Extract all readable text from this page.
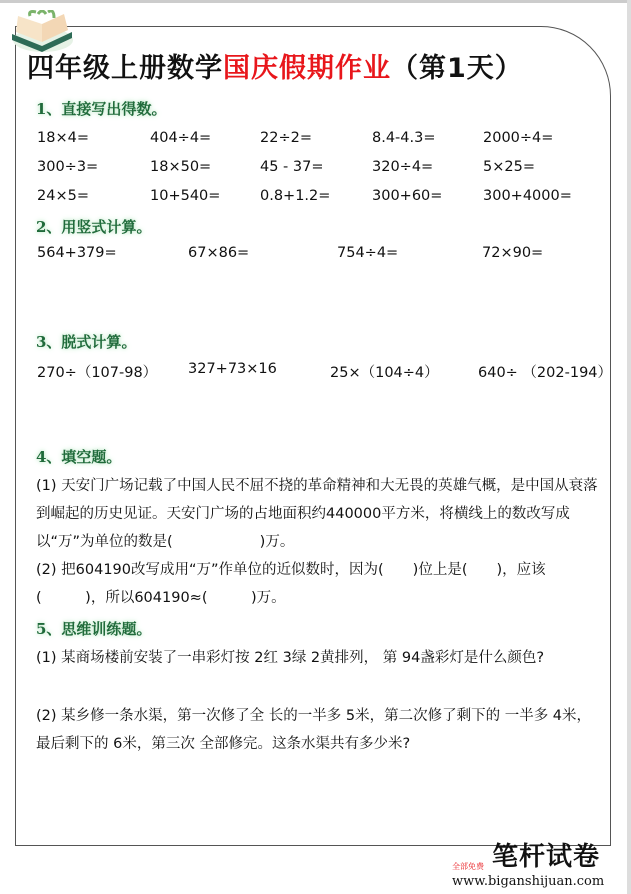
四年级上册数学国庆假期作业（第1天）
1、直接写出得数。
18×4=	404÷4=	22÷2=	8.4-4.3=	2000÷4=
300÷3=	18×50=	45 - 37=	320÷4=	5×25=
24×5=	10+540=	0.8+1.2=	300+60=	300+4000=
2、用竖式计算。
564+379=	67×86=	754÷4=	72×90=
3、脱式计算。
270÷（107-98） 327+73×16	25×（104÷4）	640÷ （202-194）
4、填空题。

(1) 天安门广场记载了中国人民不屈不挠的革命精神和大无畏的英雄气概，是中国从衰落到崛起的历史见证。天安门广场的占地面积约440000平方米，将横线上的数改写成以“万”为单位的数是(　　　　　　)万。

(2) 把604190改写成用“万”作单位的近似数时，因为(　　)位上是(　　)，应该(　　　)，所以604190≈(　　　)万。

5、思维训练题。

(1) 某商场楼前安装了一串彩灯按 2红 3绿 2黄排列， 第 94盏彩灯是什么颜色?

(2) 某乡修一条水渠，第一次修了全 长的一半多 5米，第二次修了剩下的 一半多 4米，最后剩下的 6米，第三次 全部修完。这条水渠共有多少米?

笔杆试卷
全部免费
www.biganshijuan.com
